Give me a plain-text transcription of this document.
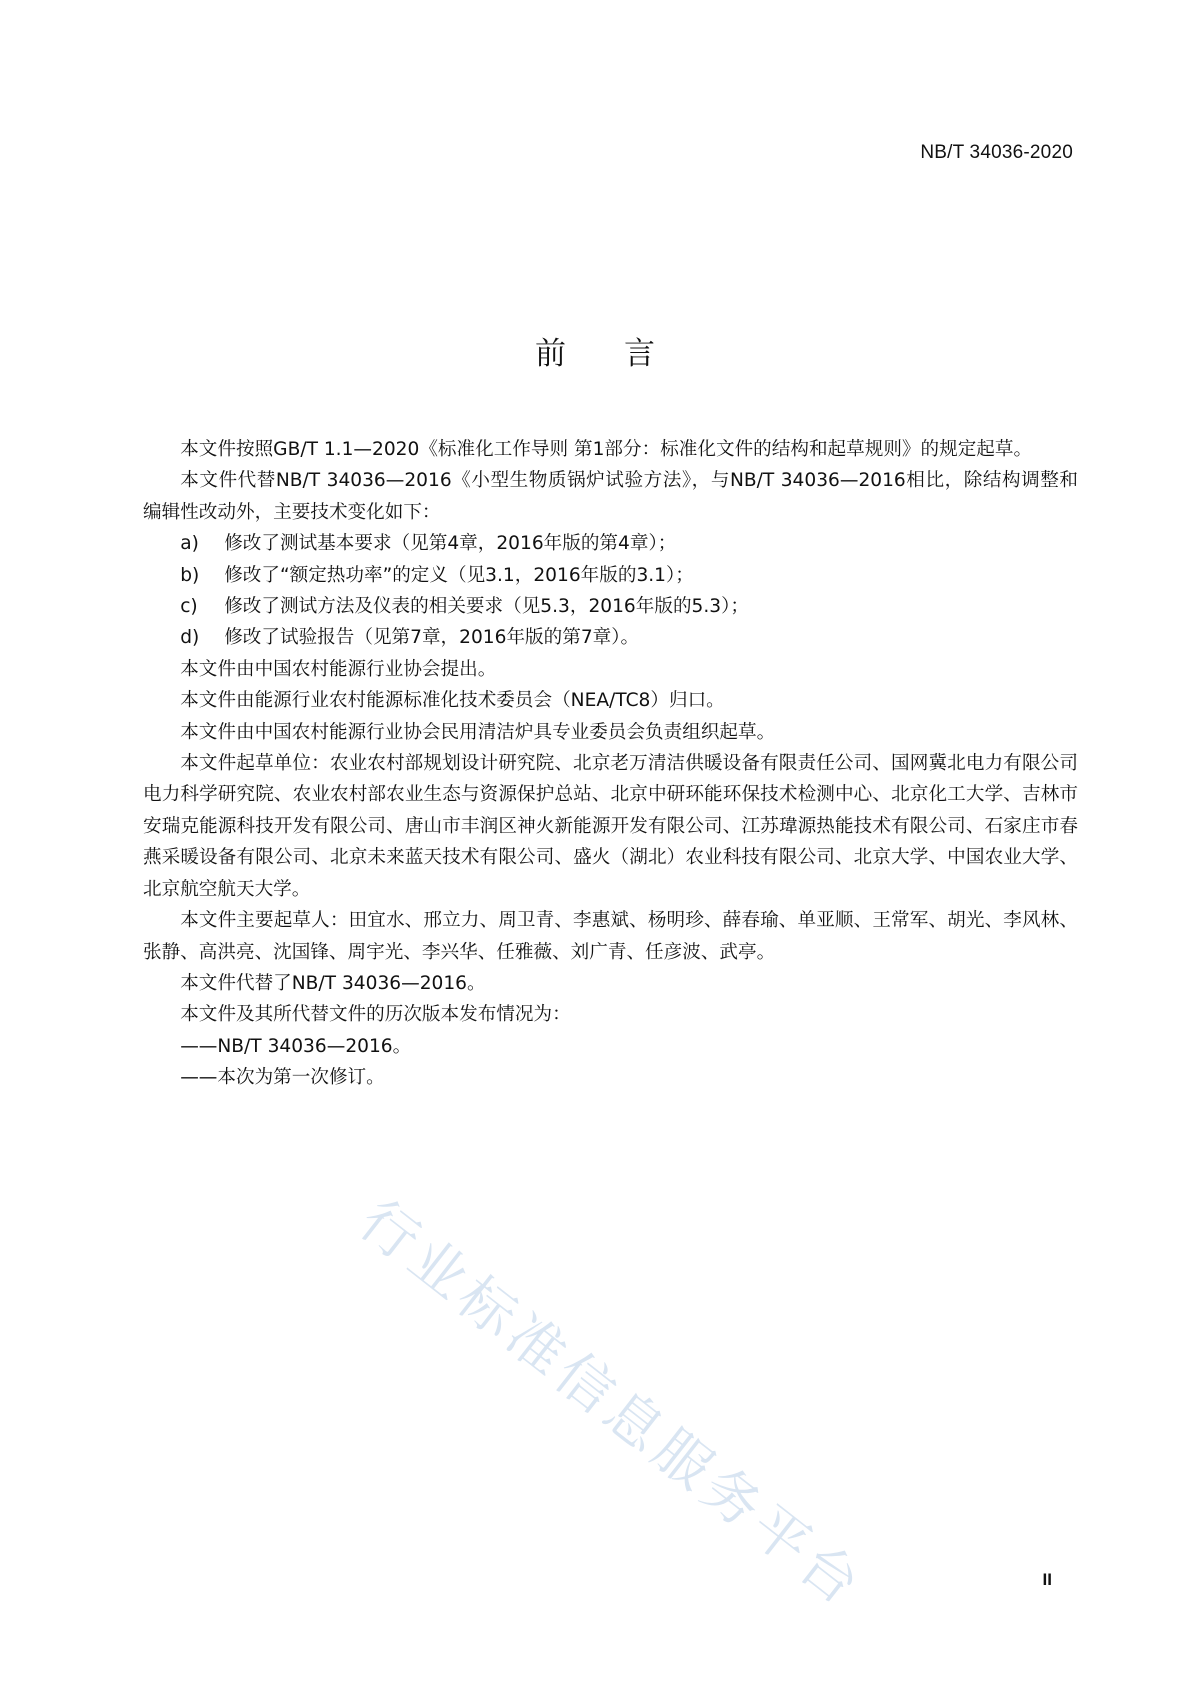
NB/T 34036-2020
前言

本文件按照GB/T 1.1—2020《标准化工作导则 第1部分：标准化文件的结构和起草规则》的规定起草。

本文件代替NB/T 34036—2016《小型生物质锅炉试验方法》，与NB/T 34036—2016相比，除结构调整和编辑性改动外，主要技术变化如下：

a) 修改了测试基本要求（见第4章，2016年版的第4章）；

b) 修改了“额定热功率”的定义（见3.1，2016年版的3.1）；

c) 修改了测试方法及仪表的相关要求（见5.3，2016年版的5.3）；

d) 修改了试验报告（见第7章，2016年版的第7章）。

本文件由中国农村能源行业协会提出。

本文件由能源行业农村能源标准化技术委员会（NEA/TC8）归口。

本文件由中国农村能源行业协会民用清洁炉具专业委员会负责组织起草。

本文件起草单位：农业农村部规划设计研究院、北京老万清洁供暖设备有限责任公司、国网冀北电力有限公司电力科学研究院、农业农村部农业生态与资源保护总站、北京中研环能环保技术检测中心、北京化工大学、吉林市安瑞克能源科技开发有限公司、唐山市丰润区神火新能源开发有限公司、江苏瑋源热能技术有限公司、石家庄市春燕采暖设备有限公司、北京未来蓝天技术有限公司、盛火（湖北）农业科技有限公司、北京大学、中国农业大学、北京航空航天大学。

本文件主要起草人：田宜水、邢立力、周卫青、李惠斌、杨明珍、薛春瑜、单亚顺、王常军、胡光、李风林、张静、高洪亮、沈国锋、周宇光、李兴华、任雅薇、刘广青、任彦波、武亭。

本文件代替了NB/T 34036—2016。

本文件及其所代替文件的历次版本发布情况为：

——NB/T 34036—2016。

——本次为第一次修订。

行业标准信息服务平台	II
